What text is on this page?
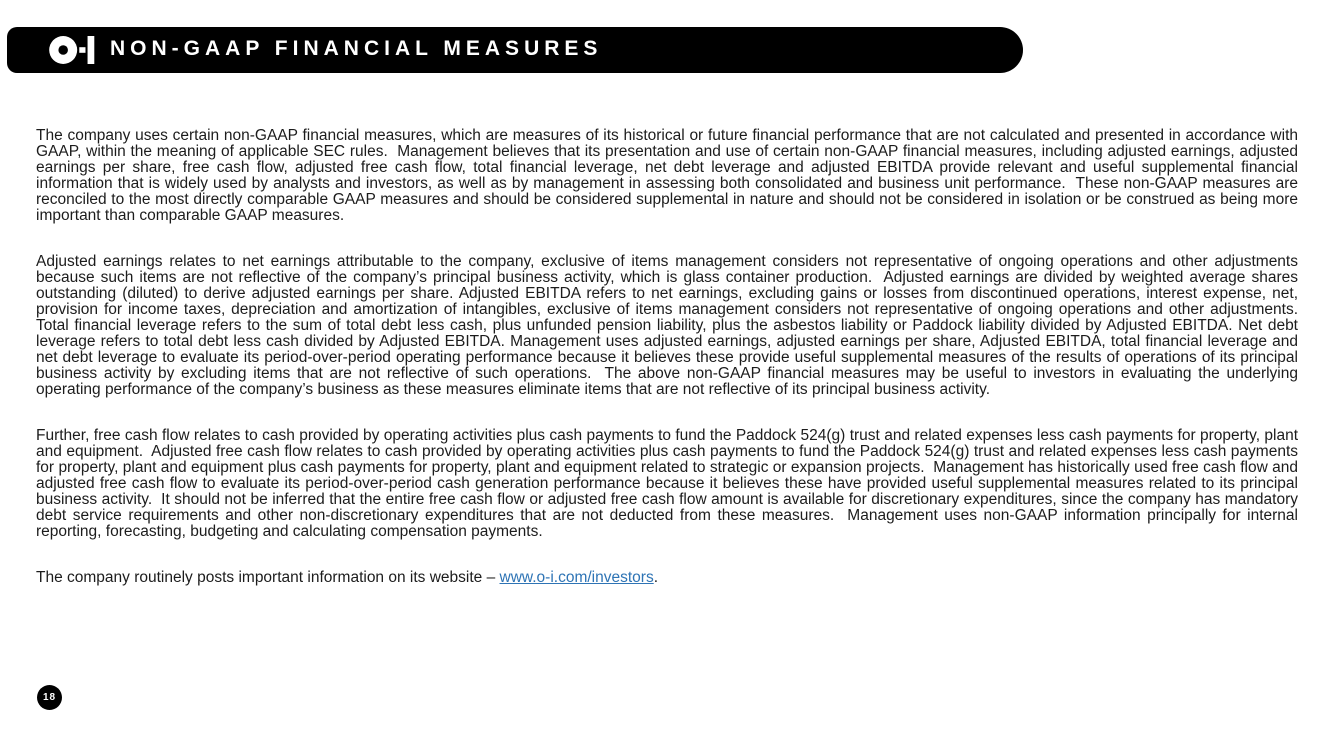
NON-GAAP FINANCIAL MEASURES

The company uses certain non-GAAP financial measures, which are measures of its historical or future financial performance that are not calculated and presented in accordance with GAAP, within the meaning of applicable SEC rules.  Management believes that its presentation and use of certain non-GAAP financial measures, including adjusted earnings, adjusted earnings per share, free cash flow, adjusted free cash flow, total financial leverage, net debt leverage and adjusted EBITDA provide relevant and useful supplemental financial information that is widely used by analysts and investors, as well as by management in assessing both consolidated and business unit performance.  These non-GAAP measures are reconciled to the most directly comparable GAAP measures and should be considered supplemental in nature and should not be considered in isolation or be construed as being more important than comparable GAAP measures.

Adjusted earnings relates to net earnings attributable to the company, exclusive of items management considers not representative of ongoing operations and other adjustments because such items are not reflective of the company’s principal business activity, which is glass container production.  Adjusted earnings are divided by weighted average shares outstanding (diluted) to derive adjusted earnings per share. Adjusted EBITDA refers to net earnings, excluding gains or losses from discontinued operations, interest expense, net, provision for income taxes, depreciation and amortization of intangibles, exclusive of items management considers not representative of ongoing operations and other adjustments. Total financial leverage refers to the sum of total debt less cash, plus unfunded pension liability, plus the asbestos liability or Paddock liability divided by Adjusted EBITDA. Net debt leverage refers to total debt less cash divided by Adjusted EBITDA. Management uses adjusted earnings, adjusted earnings per share, Adjusted EBITDA, total financial leverage and net debt leverage to evaluate its period-over-period operating performance because it believes these provide useful supplemental measures of the results of operations of its principal business activity by excluding items that are not reflective of such operations.  The above non-GAAP financial measures may be useful to investors in evaluating the underlying operating performance of the company’s business as these measures eliminate items that are not reflective of its principal business activity.

Further, free cash flow relates to cash provided by operating activities plus cash payments to fund the Paddock 524(g) trust and related expenses less cash payments for property, plant and equipment.  Adjusted free cash flow relates to cash provided by operating activities plus cash payments to fund the Paddock 524(g) trust and related expenses less cash payments for property, plant and equipment plus cash payments for property, plant and equipment related to strategic or expansion projects.  Management has historically used free cash flow and adjusted free cash flow to evaluate its period-over-period cash generation performance because it believes these have provided useful supplemental measures related to its principal business activity.  It should not be inferred that the entire free cash flow or adjusted free cash flow amount is available for discretionary expenditures, since the company has mandatory debt service requirements and other non-discretionary expenditures that are not deducted from these measures.  Management uses non-GAAP information principally for internal reporting, forecasting, budgeting and calculating compensation payments.

The company routinely posts important information on its website – www.o-i.com/investors.

18
